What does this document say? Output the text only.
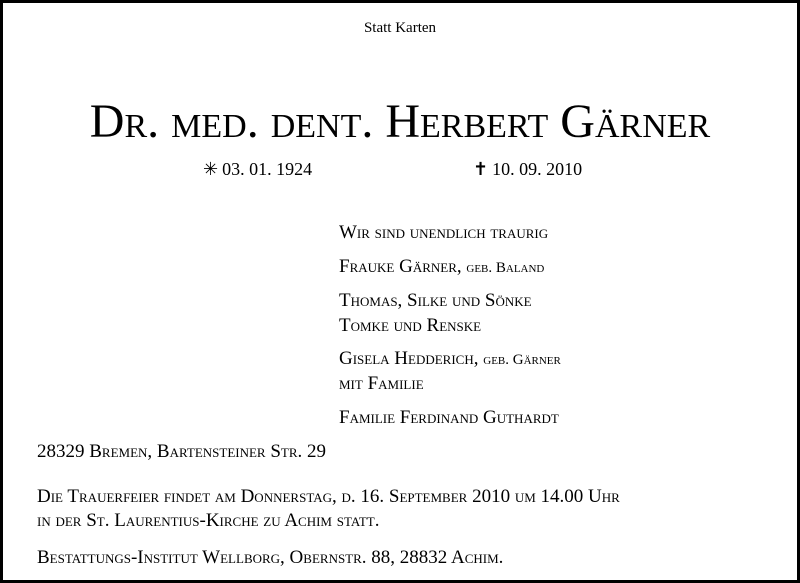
Statt Karten
Dr. med. dent. Herbert Gärner
✳ 03. 01. 1924	✝ 10. 09. 2010
Wir sind unendlich traurig
Frauke Gärner, geb. Baland
Thomas, Silke und Sönke
Tomke und Renske
Gisela Hedderich, geb. Gärner
mit Familie
Familie Ferdinand Guthardt
28329 Bremen, Bartensteiner Str. 29
Die Trauerfeier findet am Donnerstag, d. 16. September 2010 um 14.00 Uhr
in der St. Laurentius-Kirche zu Achim statt.
Bestattungs-Institut Wellborg, Obernstr. 88, 28832 Achim.
